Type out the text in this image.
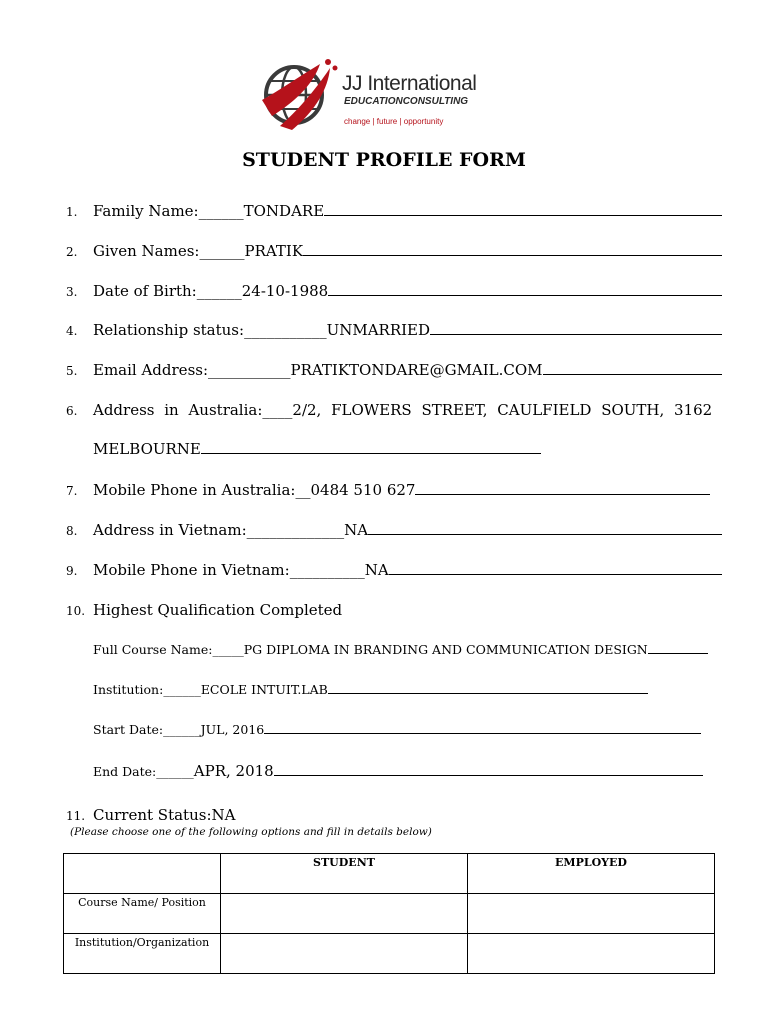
JJ International
EDUCATIONCONSULTING
change | future | opportunity
STUDENT PROFILE FORM
1.	Family Name: ______ TONDARE
2.	Given Names: ______ PRATIK
3.	Date of Birth: ______ 24-10-1988
4.	Relationship status: ___________ UNMARRIED
5.	Email Address: ___________ PRATIKTONDARE@GMAIL.COM
6.	Address in Australia: ____ 2/2, FLOWERS STREET, CAULFIELD SOUTH, 3162
MELBOURNE
7.	Mobile Phone in Australia: __ 0484 510 627
8.	Address in Vietnam: _____________ NA
9.	Mobile Phone in Vietnam: __________ NA
10. Highest Qualification Completed
Full Course Name: _____ PG DIPLOMA IN BRANDING AND COMMUNICATION DESIGN
Institution: ______ ECOLE INTUIT.LAB
Start Date: ______ JUL, 2016
End Date: ______ APR, 2018
11. Current Status: NA
(Please choose one of the following options and fill in details below)
	STUDENT	EMPLOYED
Course Name/ Position		
Institution/Organization		
